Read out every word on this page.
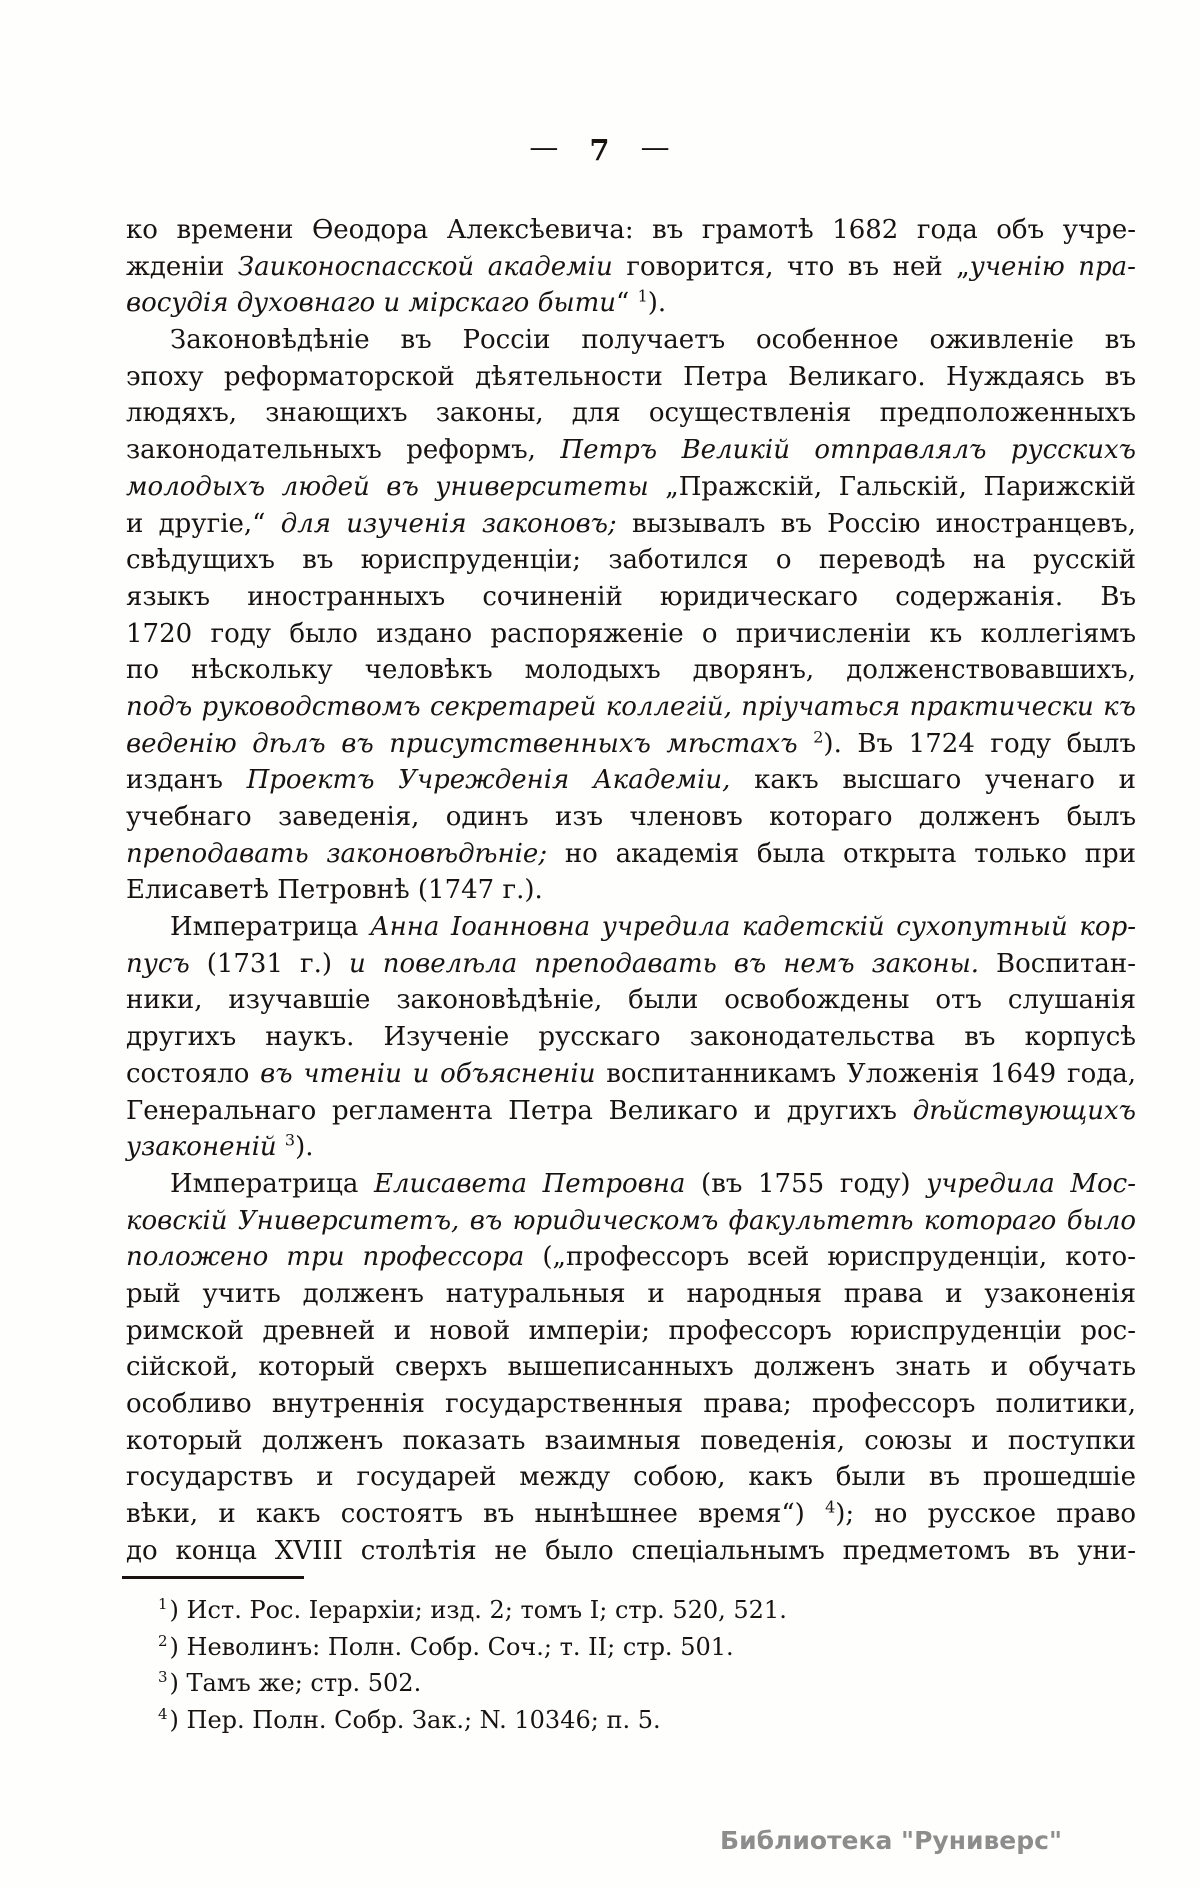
— 7 —
ко времени Ѳеодора Алексѣевича: въ грамотѣ 1682 года объ учре-
жденіи Заиконоспасской академіи говорится, что въ ней „ученію пра-
восудія духовнаго и мірскаго быти“ $^1$).
Законовѣдѣніе въ Россіи получаетъ особенное оживленіе въ
эпоху реформаторской дѣятельности Петра Великаго. Нуждаясь въ
людяхъ, знающихъ законы, для осуществленія предположенныхъ
законодательныхъ реформъ, Петръ Великій отправлялъ русскихъ
молодыхъ людей въ университеты „Пражскій, Гальскій, Парижскій
и другіе,“ для изученія законовъ; вызывалъ въ Россію иностранцевъ,
свѣдущихъ въ юриспруденціи; заботился о переводѣ на русскій
языкъ иностранныхъ сочиненій юридическаго содержанія. Въ
1720 году было издано распоряженіе о причисленіи къ коллегіямъ
по нѣскольку человѣкъ молодыхъ дворянъ, долженствовавшихъ,
подъ руководствомъ секретарей коллегій, пріучаться практически къ
веденію дѣлъ въ присутственныхъ мѣстахъ $^2$). Въ 1724 году былъ
изданъ Проектъ Учрежденія Академіи, какъ высшаго ученаго и
учебнаго заведенія, одинъ изъ членовъ котораго долженъ былъ
преподавать законовѣдѣніе; но академія была открыта только при
Елисаветѣ Петровнѣ (1747 г.).
Императрица Анна Іоанновна учредила кадетскій сухопутный кор-
пусъ (1731 г.) и повелѣла преподавать въ немъ законы. Воспитан-
ники, изучавшіе законовѣдѣніе, были освобождены отъ слушанія
другихъ наукъ. Изученіе русскаго законодательства въ корпусѣ
состояло въ чтеніи и объясненіи воспитанникамъ Уложенія 1649 года,
Генеральнаго регламента Петра Великаго и другихъ дѣйствующихъ
узаконеній $^3$).
Императрица Елисавета Петровна (въ 1755 году) учредила Мос-
ковскій Университетъ, въ юридическомъ факультетѣ котораго было
положено три профессора („профессоръ всей юриспруденціи, кото-
рый учить долженъ натуральныя и народныя права и узаконенія
римской древней и новой имперіи; профессоръ юриспруденціи рос-
сійской, который сверхъ вышеписанныхъ долженъ знать и обучать
особливо внутреннія государственныя права; профессоръ политики,
который долженъ показать взаимныя поведенія, союзы и поступки
государствъ и государей между собою, какъ были въ прошедшіе
вѣки, и какъ состоятъ въ нынѣшнее время“) $^4$); но русское право
до конца XVIII столѣтія не было спеціальнымъ предметомъ въ уни-
$^1$) Ист. Рос. Іерархіи; изд. 2; томъ I; стр. 520, 521.
$^2$) Неволинъ: Полн. Собр. Соч.; т. II; стр. 501.
$^3$) Тамъ же; стр. 502.
$^4$) Пер. Полн. Собр. Зак.; N. 10346; п. 5.
Библиотека "Руниверс"
